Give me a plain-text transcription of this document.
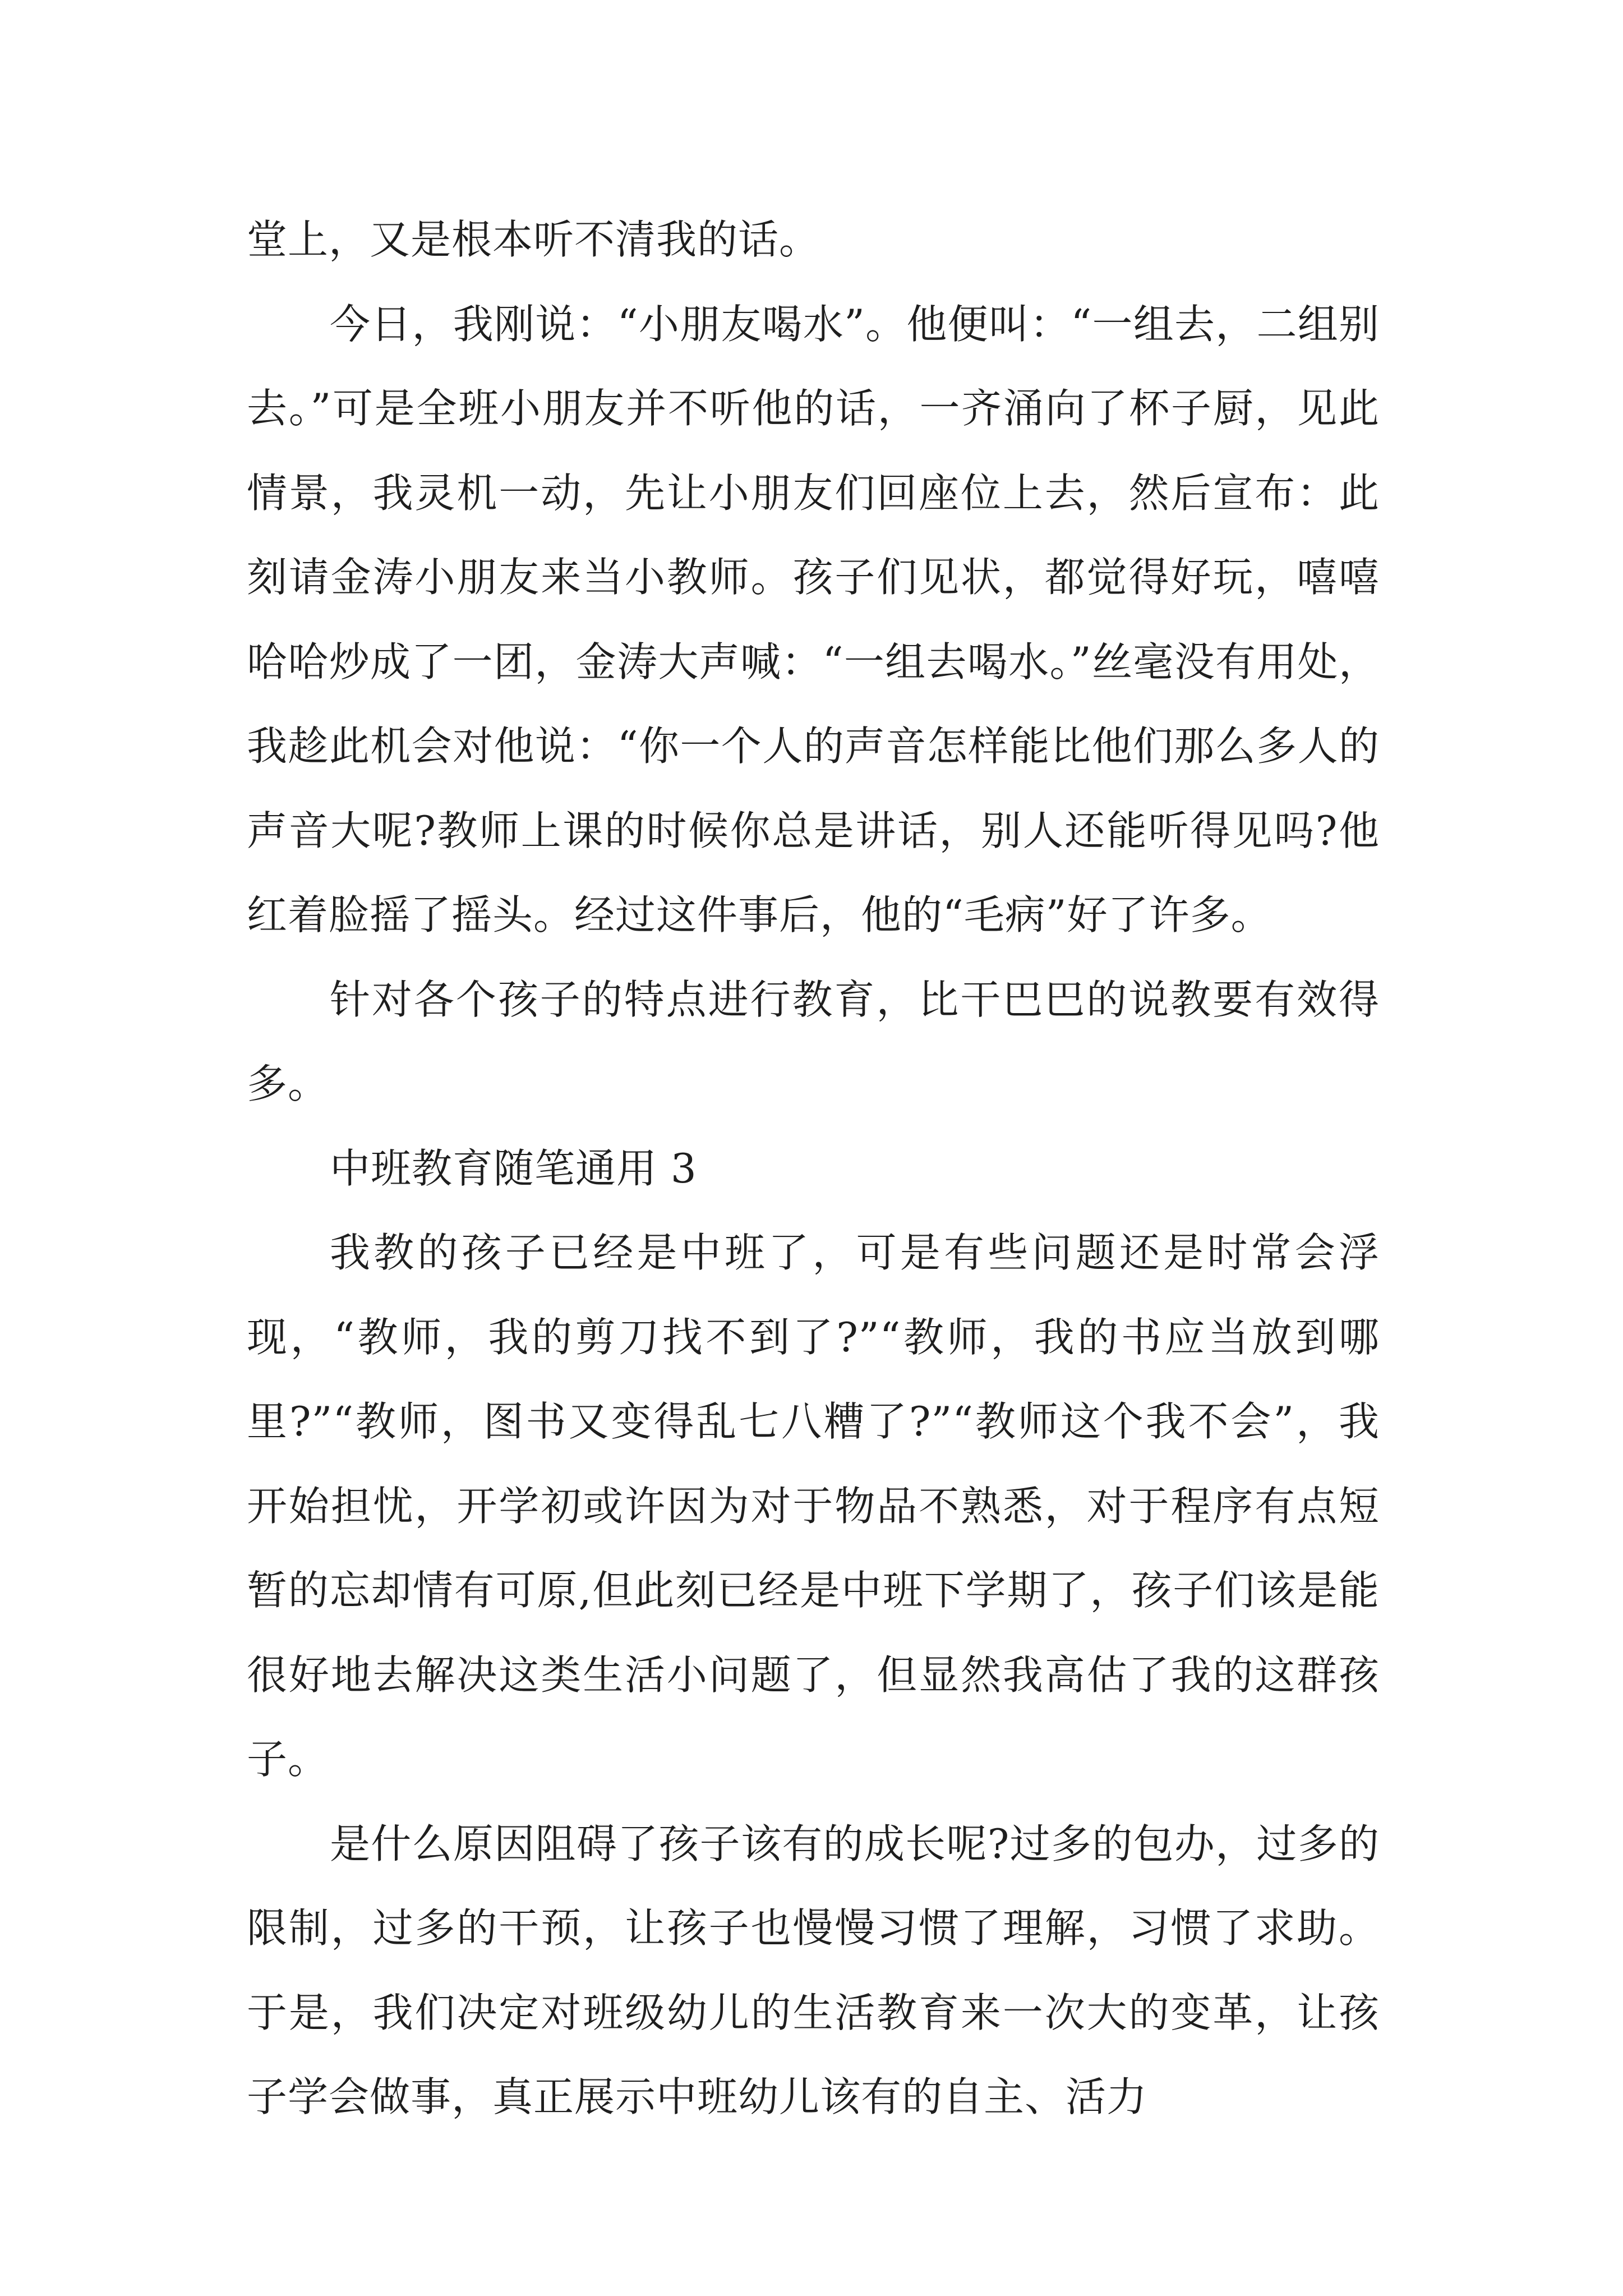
堂上，又是根本听不清我的话。

今日，我刚说：“小朋友喝水”。他便叫：“一组去，二组别去。”可是全班小朋友并不听他的话，一齐涌向了杯子厨，见此情景，我灵机一动，先让小朋友们回座位上去，然后宣布：此刻请金涛小朋友来当小教师。孩子们见状，都觉得好玩，嘻嘻哈哈炒成了一团，金涛大声喊：“一组去喝水。”丝毫没有用处，我趁此机会对他说：“你一个人的声音怎样能比他们那么多人的声音大呢?教师上课的时候你总是讲话，别人还能听得见吗?他红着脸摇了摇头。经过这件事后，他的“毛病”好了许多。

针对各个孩子的特点进行教育，比干巴巴的说教要有效得多。

中班教育随笔通用 3

我教的孩子已经是中班了，可是有些问题还是时常会浮现，“教师，我的剪刀找不到了?”“教师，我的书应当放到哪里?”“教师，图书又变得乱七八糟了?”“教师这个我不会”，我开始担忧，开学初或许因为对于物品不熟悉，对于程序有点短暂的忘却情有可原,但此刻已经是中班下学期了，孩子们该是能很好地去解决这类生活小问题了，但显然我高估了我的这群孩子。

是什么原因阻碍了孩子该有的成长呢?过多的包办，过多的限制，过多的干预，让孩子也慢慢习惯了理解，习惯了求助。于是，我们决定对班级幼儿的生活教育来一次大的变革，让孩子学会做事，真正展示中班幼儿该有的自主、活力
